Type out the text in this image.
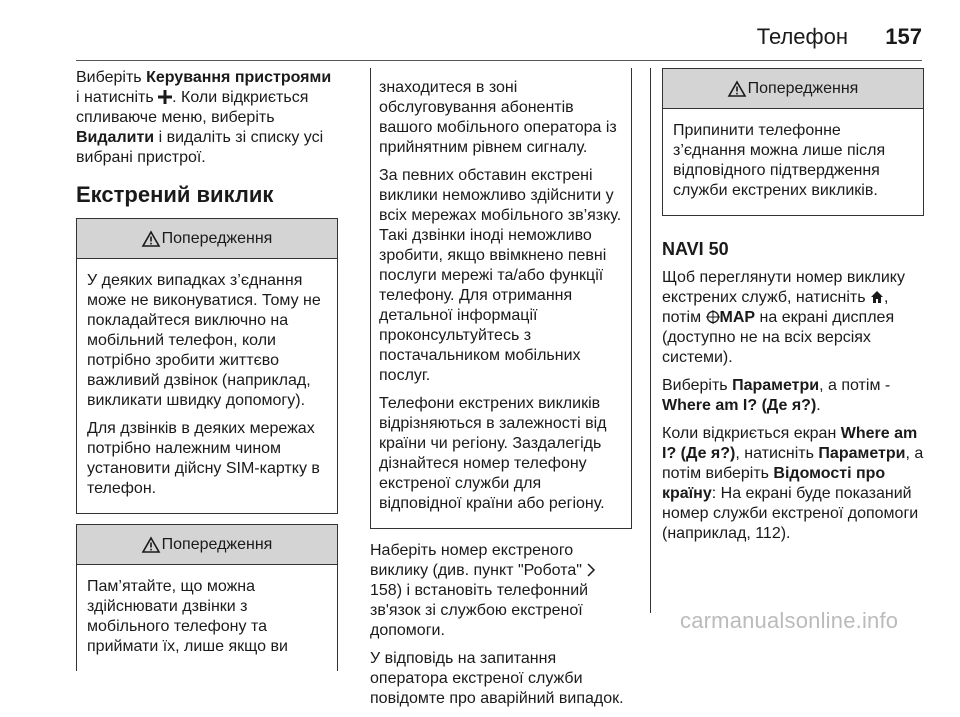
Телефон 157

Виберіть Керування пристроями і натисніть . Коли відкриється спливаюче меню, виберіть Видалити і видаліть зі списку усі вибрані пристрої.

Екстрений виклик
Попередження

У деяких випадках з’єднання може не виконуватися. Тому не покладайтеся виключно на мобільний телефон, коли потрібно зробити життєво важливий дзвінок (наприклад, викликати швидку допомогу).

Для дзвінків в деяких мережах потрібно належним чином установити дійсну SIM-картку в телефон.

Попередження

Пам’ятайте, що можна здійснювати дзвінки з мобільного телефону та приймати їх, лише якщо ви

знаходитеся в зоні обслуговування абонентів вашого мобільного оператора із прийнятним рівнем сигналу.

За певних обставин екстрені виклики неможливо здійснити у всіх мережах мобільного зв’язку. Такі дзвінки іноді неможливо зробити, якщо ввімкнено певні послуги мережі та/або функції телефону. Для отримання детальної інформації проконсультуйтесь з постачальником мобільних послуг.

Телефони екстрених викликів відрізняються в залежності від країни чи регіону. Заздалегідь дізнайтеся номер телефону екстреної служби для відповідної країни або регіону.

Наберіть номер екстреного виклику (див. пункт "Робота"  158) і встановіть телефонний зв'язок зі службою екстреної допомоги.

У відповідь на запитання оператора екстреної служби повідомте про аварійний випадок.

Попередження

Припинити телефонне з’єднання можна лише після відповідного підтвердження служби екстрених викликів.

NAVI 50

Щоб переглянути номер виклику екстрених служб, натисніть , потім MAP на екрані дисплея (доступно не на всіх версіях системи).

Виберіть Параметри, а потім - Where am I? (Де я?).

Коли відкриється екран Where am I? (Де я?), натисніть Параметри, а потім виберіть Відомості про країну: На екрані буде показаний номер служби екстреної допомоги (наприклад, 112).

carmanualsonline.info
